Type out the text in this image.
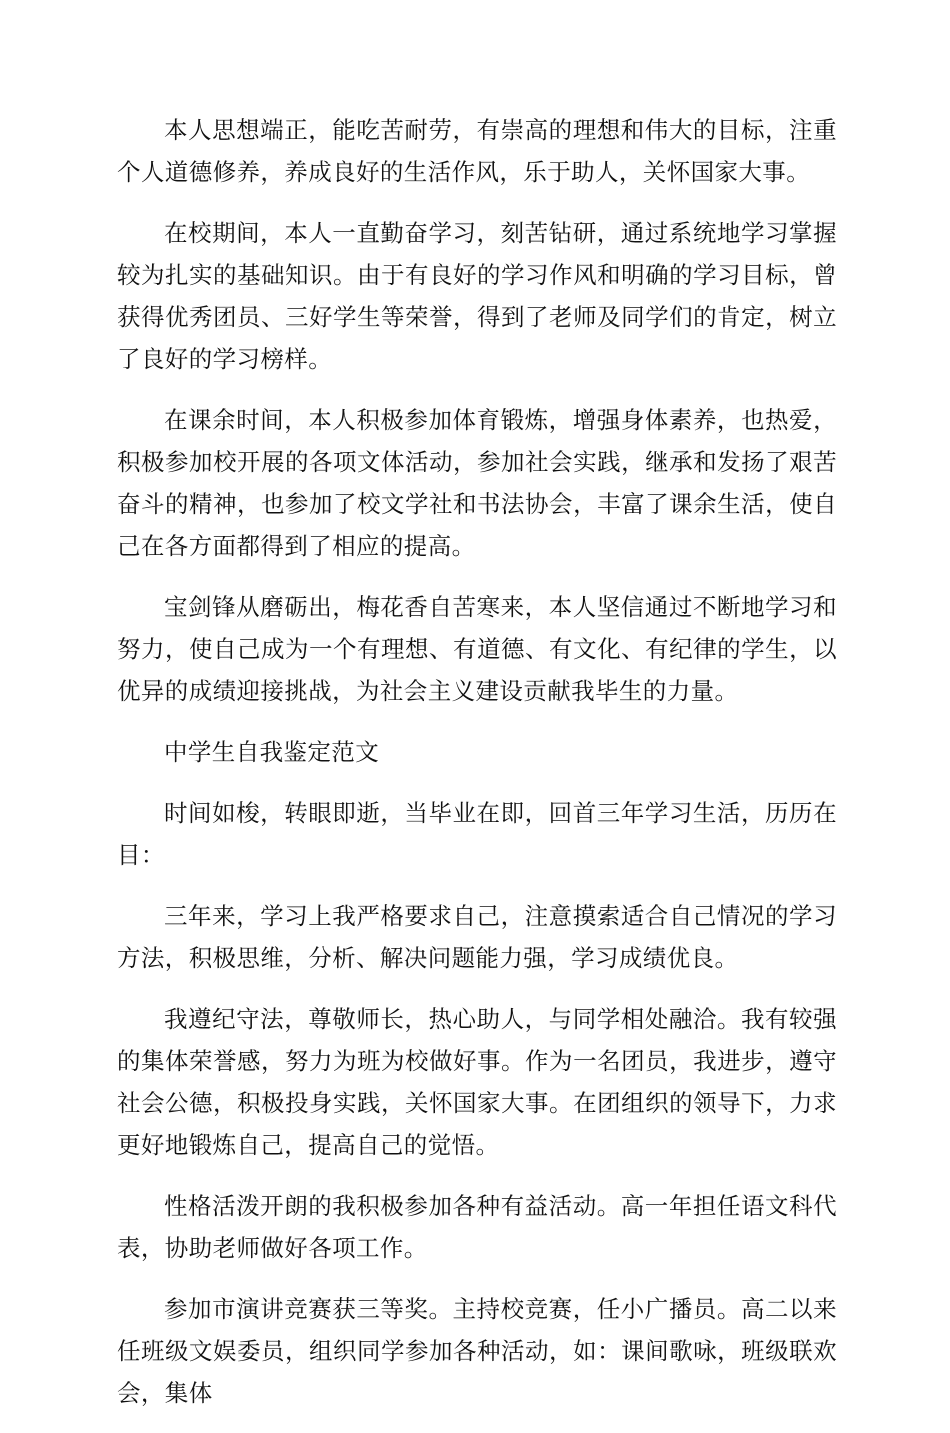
本人思想端正，能吃苦耐劳，有崇高的理想和伟大的目标，注重个人道德修养，养成良好的生活作风，乐于助人，关怀国家大事。

在校期间，本人一直勤奋学习，刻苦钻研，通过系统地学习掌握较为扎实的基础知识。由于有良好的学习作风和明确的学习目标，曾获得优秀团员、三好学生等荣誉，得到了老师及同学们的肯定，树立了良好的学习榜样。

在课余时间，本人积极参加体育锻炼，增强身体素养，也热爱，积极参加校开展的各项文体活动，参加社会实践，继承和发扬了艰苦奋斗的精神，也参加了校文学社和书法协会，丰富了课余生活，使自己在各方面都得到了相应的提高。

宝剑锋从磨砺出，梅花香自苦寒来，本人坚信通过不断地学习和努力，使自己成为一个有理想、有道德、有文化、有纪律的学生，以优异的成绩迎接挑战，为社会主义建设贡献我毕生的力量。

中学生自我鉴定范文

时间如梭，转眼即逝，当毕业在即，回首三年学习生活，历历在目：

三年来，学习上我严格要求自己，注意摸索适合自己情况的学习方法，积极思维，分析、解决问题能力强，学习成绩优良。

我遵纪守法，尊敬师长，热心助人，与同学相处融洽。我有较强的集体荣誉感，努力为班为校做好事。作为一名团员，我进步，遵守社会公德，积极投身实践，关怀国家大事。在团组织的领导下，力求更好地锻炼自己，提高自己的觉悟。

性格活泼开朗的我积极参加各种有益活动。高一年担任语文科代表，协助老师做好各项工作。

参加市演讲竞赛获三等奖。主持校竞赛，任小广播员。高二以来任班级文娱委员，组织同学参加各种活动，如：课间歌咏，班级联欢会，集体
